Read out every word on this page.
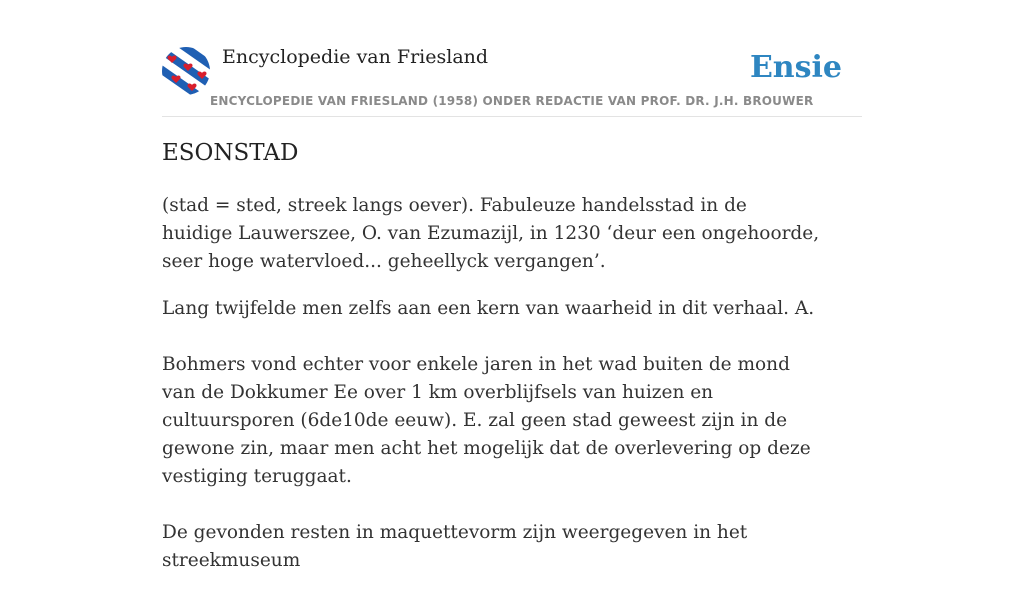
Encyclopedie van Friesland	Ensie
ENCYCLOPEDIE VAN FRIESLAND (1958) ONDER REDACTIE VAN PROF. DR. J.H. BROUWER
ESONSTAD

(stad = sted, streek langs oever). Fabuleuze handelsstad in de huidige Lauwerszee, O. van Ezumazijl, in 1230 ‘deur een ongehoorde, seer hoge watervloed... geheellyck vergangen’.

Lang twijfelde men zelfs aan een kern van waarheid in dit verhaal. A.

Bohmers vond echter voor enkele jaren in het wad buiten de mond van de Dokkumer Ee over 1 km overblijfsels van huizen en cultuursporen (6de10de eeuw). E. zal geen stad geweest zijn in de gewone zin, maar men acht het mogelijk dat de overlevering op deze vestiging teruggaat.

De gevonden resten in maquettevorm zijn weergegeven in het streekmuseum
